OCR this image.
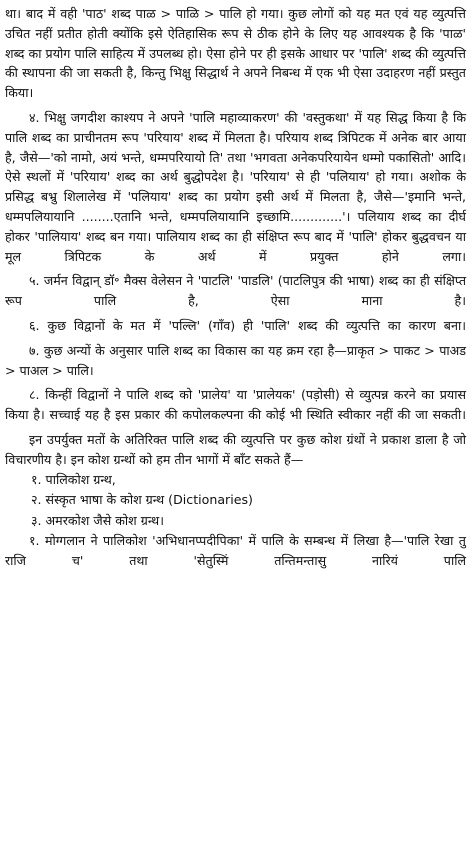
था। बाद में वही 'पाठ' शब्द पाळ > पाळि > पालि हो गया। कुछ लोगों को यह मत एवं यह व्युत्पत्ति उचित नहीं प्रतीत होती क्योंकि इसे ऐतिहासिक रूप से ठीक होने के लिए यह आवश्यक है कि 'पाळ' शब्द का प्रयोग पालि साहित्य में उपलब्ध हो। ऐसा होने पर ही इसके आधार पर 'पालि' शब्द की व्युत्पत्ति की स्थापना की जा सकती है, किन्तु भिक्षु सिद्धार्थ ने अपने निबन्ध में एक भी ऐसा उदाहरण नहीं प्रस्तुत किया।

४. भिक्षु जगदीश काश्यप ने अपने 'पालि महाव्याकरण' की 'वस्तुकथा' में यह सिद्ध किया है कि पालि शब्द का प्राचीनतम रूप 'परियाय' शब्द में मिलता है। परियाय शब्द त्रिपिटक में अनेक बार आया है, जैसे—'को नामो, अयं भन्ते, धम्मपरियायो ति' तथा 'भगवता अनेकपरियायेन धम्मो पकासितो' आदि। ऐसे स्थलों में 'परियाय' शब्द का अर्थ बुद्धोपदेश है। 'परियाय' से ही 'पलियाय' हो गया। अशोक के प्रसिद्ध बभ्रु शिलालेख में 'पलियाय' शब्द का प्रयोग इसी अर्थ में मिलता है, जैसे—'इमानि भन्ते, धम्मपलियायानि ........एतानि भन्ते, धम्मपलियायानि इच्छामि.............'। पलियाय शब्द का दीर्घ होकर 'पालियाय' शब्द बन गया। पालियाय शब्द का ही संक्षिप्त रूप बाद में 'पालि' होकर बुद्धवचन या मूल त्रिपिटक के अर्थ में प्रयुक्त होने लगा।

५. जर्मन विद्वान् डॉ॰ मैक्स वेलेसन ने 'पाटलि' 'पाडलि' (पाटलिपुत्र की भाषा) शब्द का ही संक्षिप्त रूप पालि है, ऐसा माना है।

६. कुछ विद्वानों के मत में 'पल्लि' (गाँव) ही 'पालि' शब्द की व्युत्पत्ति का कारण बना।

७. कुछ अन्यों के अनुसार पालि शब्द का विकास का यह क्रम रहा है—प्राकृत > पाकट > पाअड > पाअल > पालि।

८. किन्हीं विद्वानों ने पालि शब्द को 'प्रालेय' या 'प्रालेयक' (पड़ोसी) से व्युत्पन्न करने का प्रयास किया है। सच्चाई यह है इस प्रकार की कपोलकल्पना की कोई भी स्थिति स्वीकार नहीं की जा सकती।

इन उपर्युक्त मतों के अतिरिक्त पालि शब्द की व्युत्पत्ति पर कुछ कोश ग्रंथों ने प्रकाश डाला है जो विचारणीय है। इन कोश ग्रन्थों को हम तीन भागों में बाँट सकते हैं—

१. पालिकोश ग्रन्थ,

२. संस्कृत भाषा के कोश ग्रन्थ (Dictionaries)

३. अमरकोश जैसे कोश ग्रन्थ।

१. मोग्गलान ने पालिकोश 'अभिधानप्पदीपिका' में पालि के सम्बन्ध में लिखा है—'पालि रेखा तु राजि च' तथा 'सेतुस्मिं तन्तिमन्तासु नारियं पालि
